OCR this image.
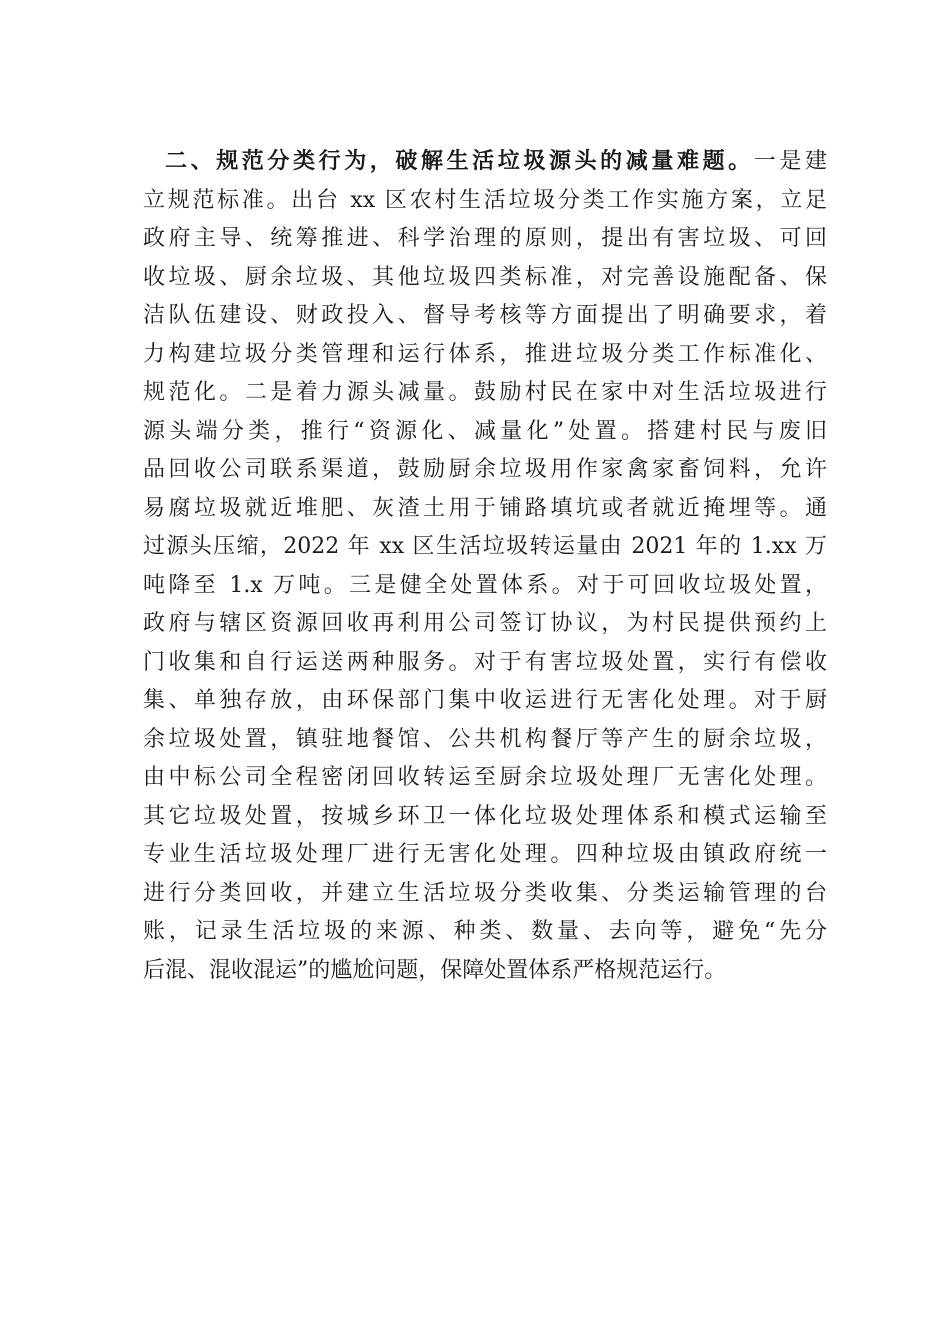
二、规范分类行为，破解生活垃圾源头的减量难题。一是建
立规范标准。出台 xx 区农村生活垃圾分类工作实施方案，立足
政府主导、统筹推进、科学治理的原则，提出有害垃圾、可回
收垃圾、厨余垃圾、其他垃圾四类标准，对完善设施配备、保
洁队伍建设、财政投入、督导考核等方面提出了明确要求，着
力构建垃圾分类管理和运行体系，推进垃圾分类工作标准化、
规范化。二是着力源头减量。鼓励村民在家中对生活垃圾进行
源头端分类，推行“资源化、减量化”处置。搭建村民与废旧
品回收公司联系渠道，鼓励厨余垃圾用作家禽家畜饲料，允许
易腐垃圾就近堆肥、灰渣土用于铺路填坑或者就近掩埋等。通
过源头压缩，2022 年 xx 区生活垃圾转运量由 2021 年的 1.xx 万
吨降至 1.x 万吨。三是健全处置体系。对于可回收垃圾处置，
政府与辖区资源回收再利用公司签订协议，为村民提供预约上
门收集和自行运送两种服务。对于有害垃圾处置，实行有偿收
集、单独存放，由环保部门集中收运进行无害化处理。对于厨
余垃圾处置，镇驻地餐馆、公共机构餐厅等产生的厨余垃圾，
由中标公司全程密闭回收转运至厨余垃圾处理厂无害化处理。
其它垃圾处置，按城乡环卫一体化垃圾处理体系和模式运输至
专业生活垃圾处理厂进行无害化处理。四种垃圾由镇政府统一
进行分类回收，并建立生活垃圾分类收集、分类运输管理的台
账，记录生活垃圾的来源、种类、数量、去向等，避免“先分
后混、混收混运”的尴尬问题，保障处置体系严格规范运行。
